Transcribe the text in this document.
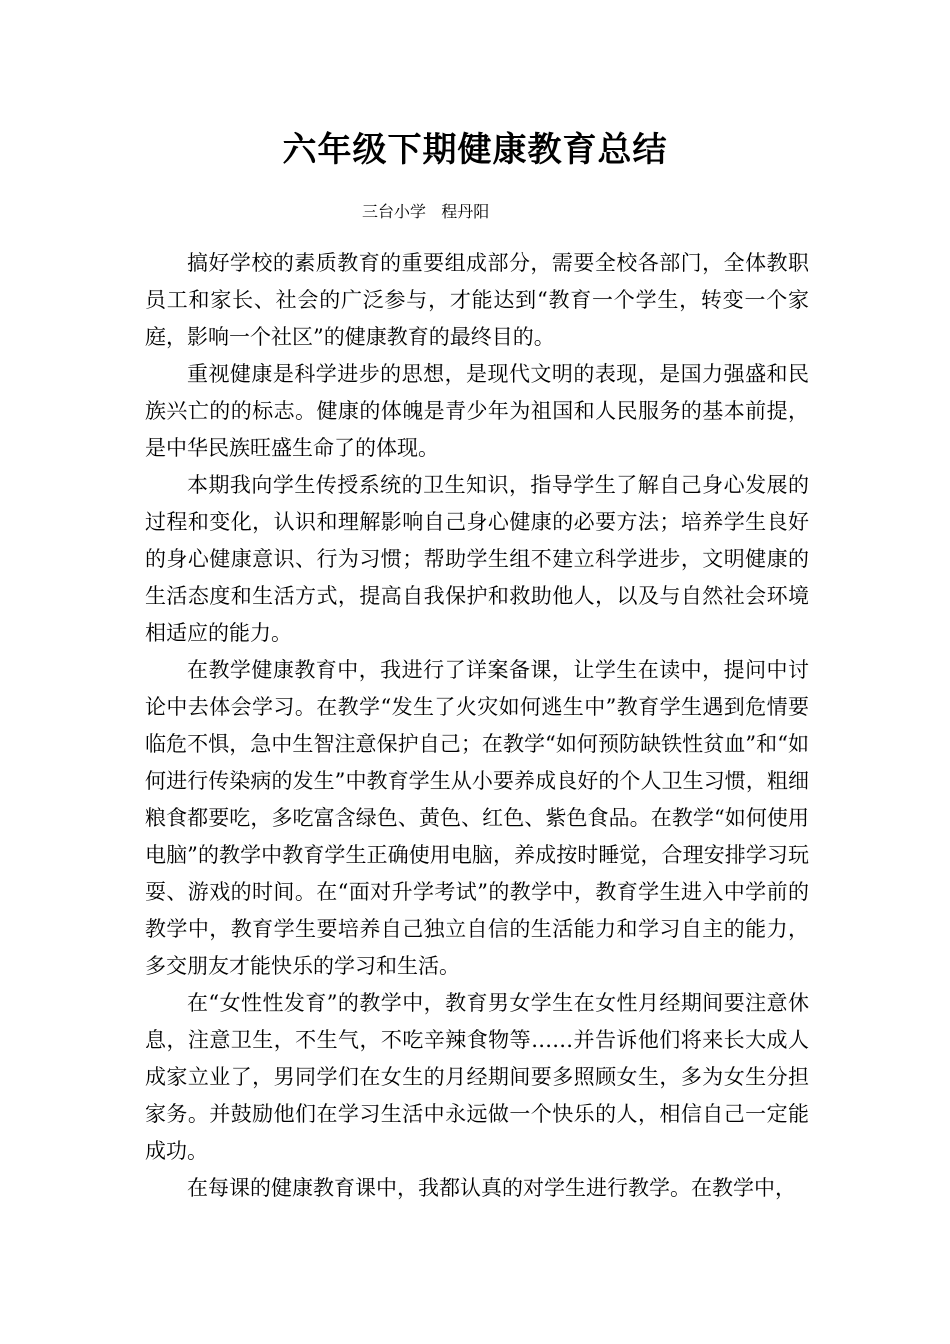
六年级下期健康教育总结
三台小学   程丹阳

搞好学校的素质教育的重要组成部分，需要全校各部门，全体教职员工和家长、社会的广泛参与，才能达到“教育一个学生，转变一个家庭，影响一个社区”的健康教育的最终目的。

重视健康是科学进步的思想，是现代文明的表现，是国力强盛和民族兴亡的的标志。健康的体魄是青少年为祖国和人民服务的基本前提，是中华民族旺盛生命了的体现。

本期我向学生传授系统的卫生知识，指导学生了解自己身心发展的过程和变化，认识和理解影响自己身心健康的必要方法；培养学生良好的身心健康意识、行为习惯；帮助学生组不建立科学进步，文明健康的生活态度和生活方式，提高自我保护和救助他人，以及与自然社会环境相适应的能力。

在教学健康教育中，我进行了详案备课，让学生在读中，提问中讨论中去体会学习。在教学“发生了火灾如何逃生中”教育学生遇到危情要临危不惧，急中生智注意保护自己；在教学“如何预防缺铁性贫血”和“如何进行传染病的发生”中教育学生从小要养成良好的个人卫生习惯，粗细粮食都要吃，多吃富含绿色、黄色、红色、紫色食品。在教学“如何使用电脑”的教学中教育学生正确使用电脑，养成按时睡觉，合理安排学习玩耍、游戏的时间。在“面对升学考试”的教学中，教育学生进入中学前的教学中，教育学生要培养自己独立自信的生活能力和学习自主的能力，多交朋友才能快乐的学习和生活。

在“女性性发育”的教学中，教育男女学生在女性月经期间要注意休息，注意卫生，不生气，不吃辛辣食物等……并告诉他们将来长大成人成家立业了，男同学们在女生的月经期间要多照顾女生，多为女生分担家务。并鼓励他们在学习生活中永远做一个快乐的人，相信自己一定能成功。

在每课的健康教育课中，我都认真的对学生进行教学。在教学中，
